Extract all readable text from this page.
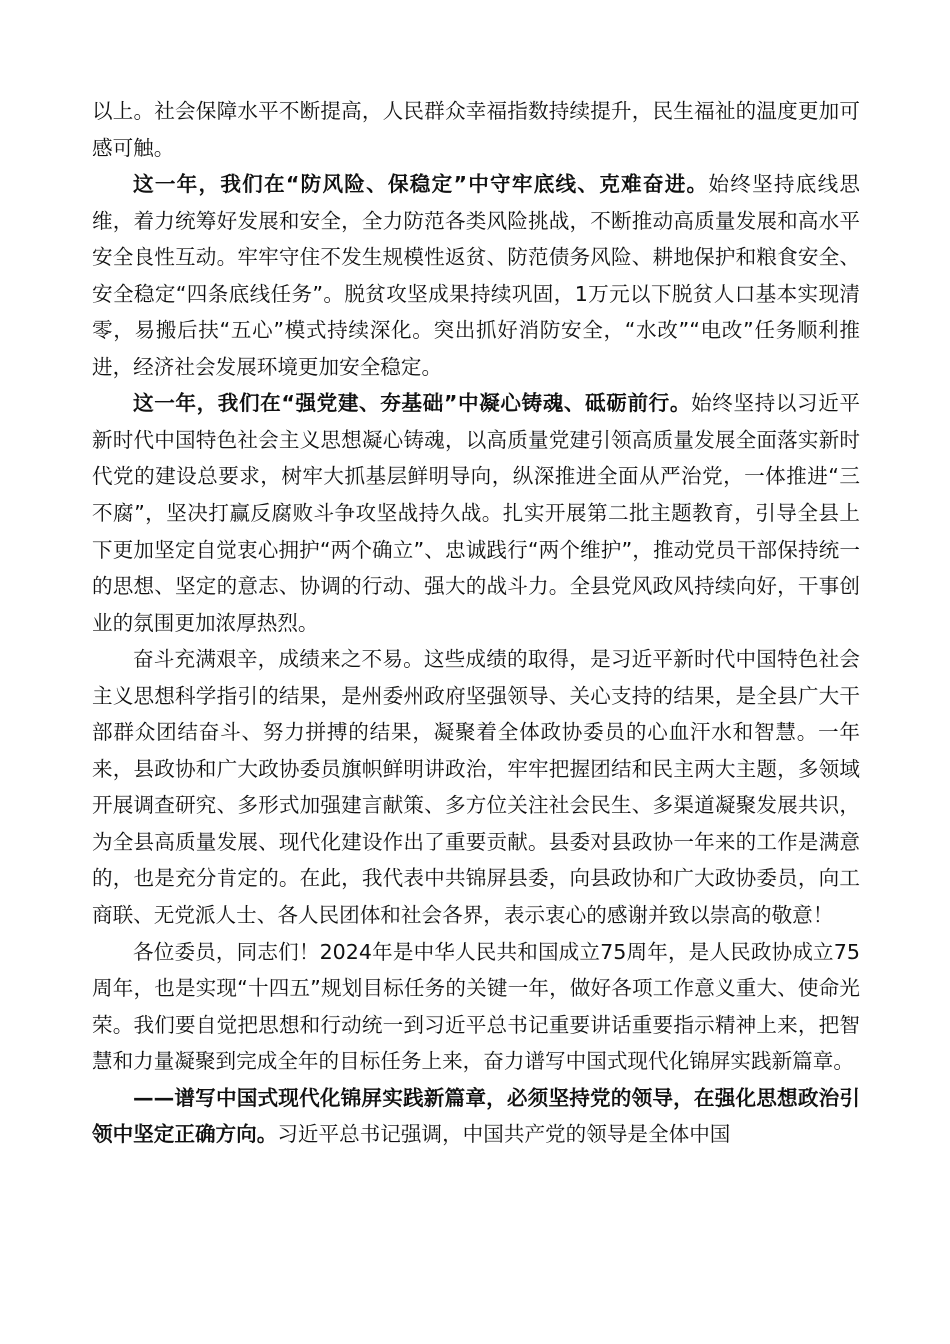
以上。社会保障水平不断提高，人民群众幸福指数持续提升，民生福祉的温度更加可感可触。

这一年，我们在“防风险、保稳定”中守牢底线、克难奋进。始终坚持底线思维，着力统筹好发展和安全，全力防范各类风险挑战，不断推动高质量发展和高水平安全良性互动。牢牢守住不发生规模性返贫、防范债务风险、耕地保护和粮食安全、安全稳定“四条底线任务”。脱贫攻坚成果持续巩固，1万元以下脱贫人口基本实现清零，易搬后扶“五心”模式持续深化。突出抓好消防安全，“水改”“电改”任务顺利推进，经济社会发展环境更加安全稳定。

这一年，我们在“强党建、夯基础”中凝心铸魂、砥砺前行。始终坚持以习近平新时代中国特色社会主义思想凝心铸魂，以高质量党建引领高质量发展全面落实新时代党的建设总要求，树牢大抓基层鲜明导向，纵深推进全面从严治党，一体推进“三不腐”，坚决打赢反腐败斗争攻坚战持久战。扎实开展第二批主题教育，引导全县上下更加坚定自觉衷心拥护“两个确立”、忠诚践行“两个维护”，推动党员干部保持统一的思想、坚定的意志、协调的行动、强大的战斗力。全县党风政风持续向好，干事创业的氛围更加浓厚热烈。

奋斗充满艰辛，成绩来之不易。这些成绩的取得，是习近平新时代中国特色社会主义思想科学指引的结果，是州委州政府坚强领导、关心支持的结果，是全县广大干部群众团结奋斗、努力拼搏的结果，凝聚着全体政协委员的心血汗水和智慧。一年来，县政协和广大政协委员旗帜鲜明讲政治，牢牢把握团结和民主两大主题，多领域开展调查研究、多形式加强建言献策、多方位关注社会民生、多渠道凝聚发展共识，为全县高质量发展、现代化建设作出了重要贡献。县委对县政协一年来的工作是满意的，也是充分肯定的。在此，我代表中共锦屏县委，向县政协和广大政协委员，向工商联、无党派人士、各人民团体和社会各界，表示衷心的感谢并致以崇高的敬意！

各位委员，同志们！2024年是中华人民共和国成立75周年，是人民政协成立75周年，也是实现“十四五”规划目标任务的关键一年，做好各项工作意义重大、使命光荣。我们要自觉把思想和行动统一到习近平总书记重要讲话重要指示精神上来，把智慧和力量凝聚到完成全年的目标任务上来，奋力谱写中国式现代化锦屏实践新篇章。

——谱写中国式现代化锦屏实践新篇章，必须坚持党的领导，在强化思想政治引领中坚定正确方向。习近平总书记强调，中国共产党的领导是全体中国
